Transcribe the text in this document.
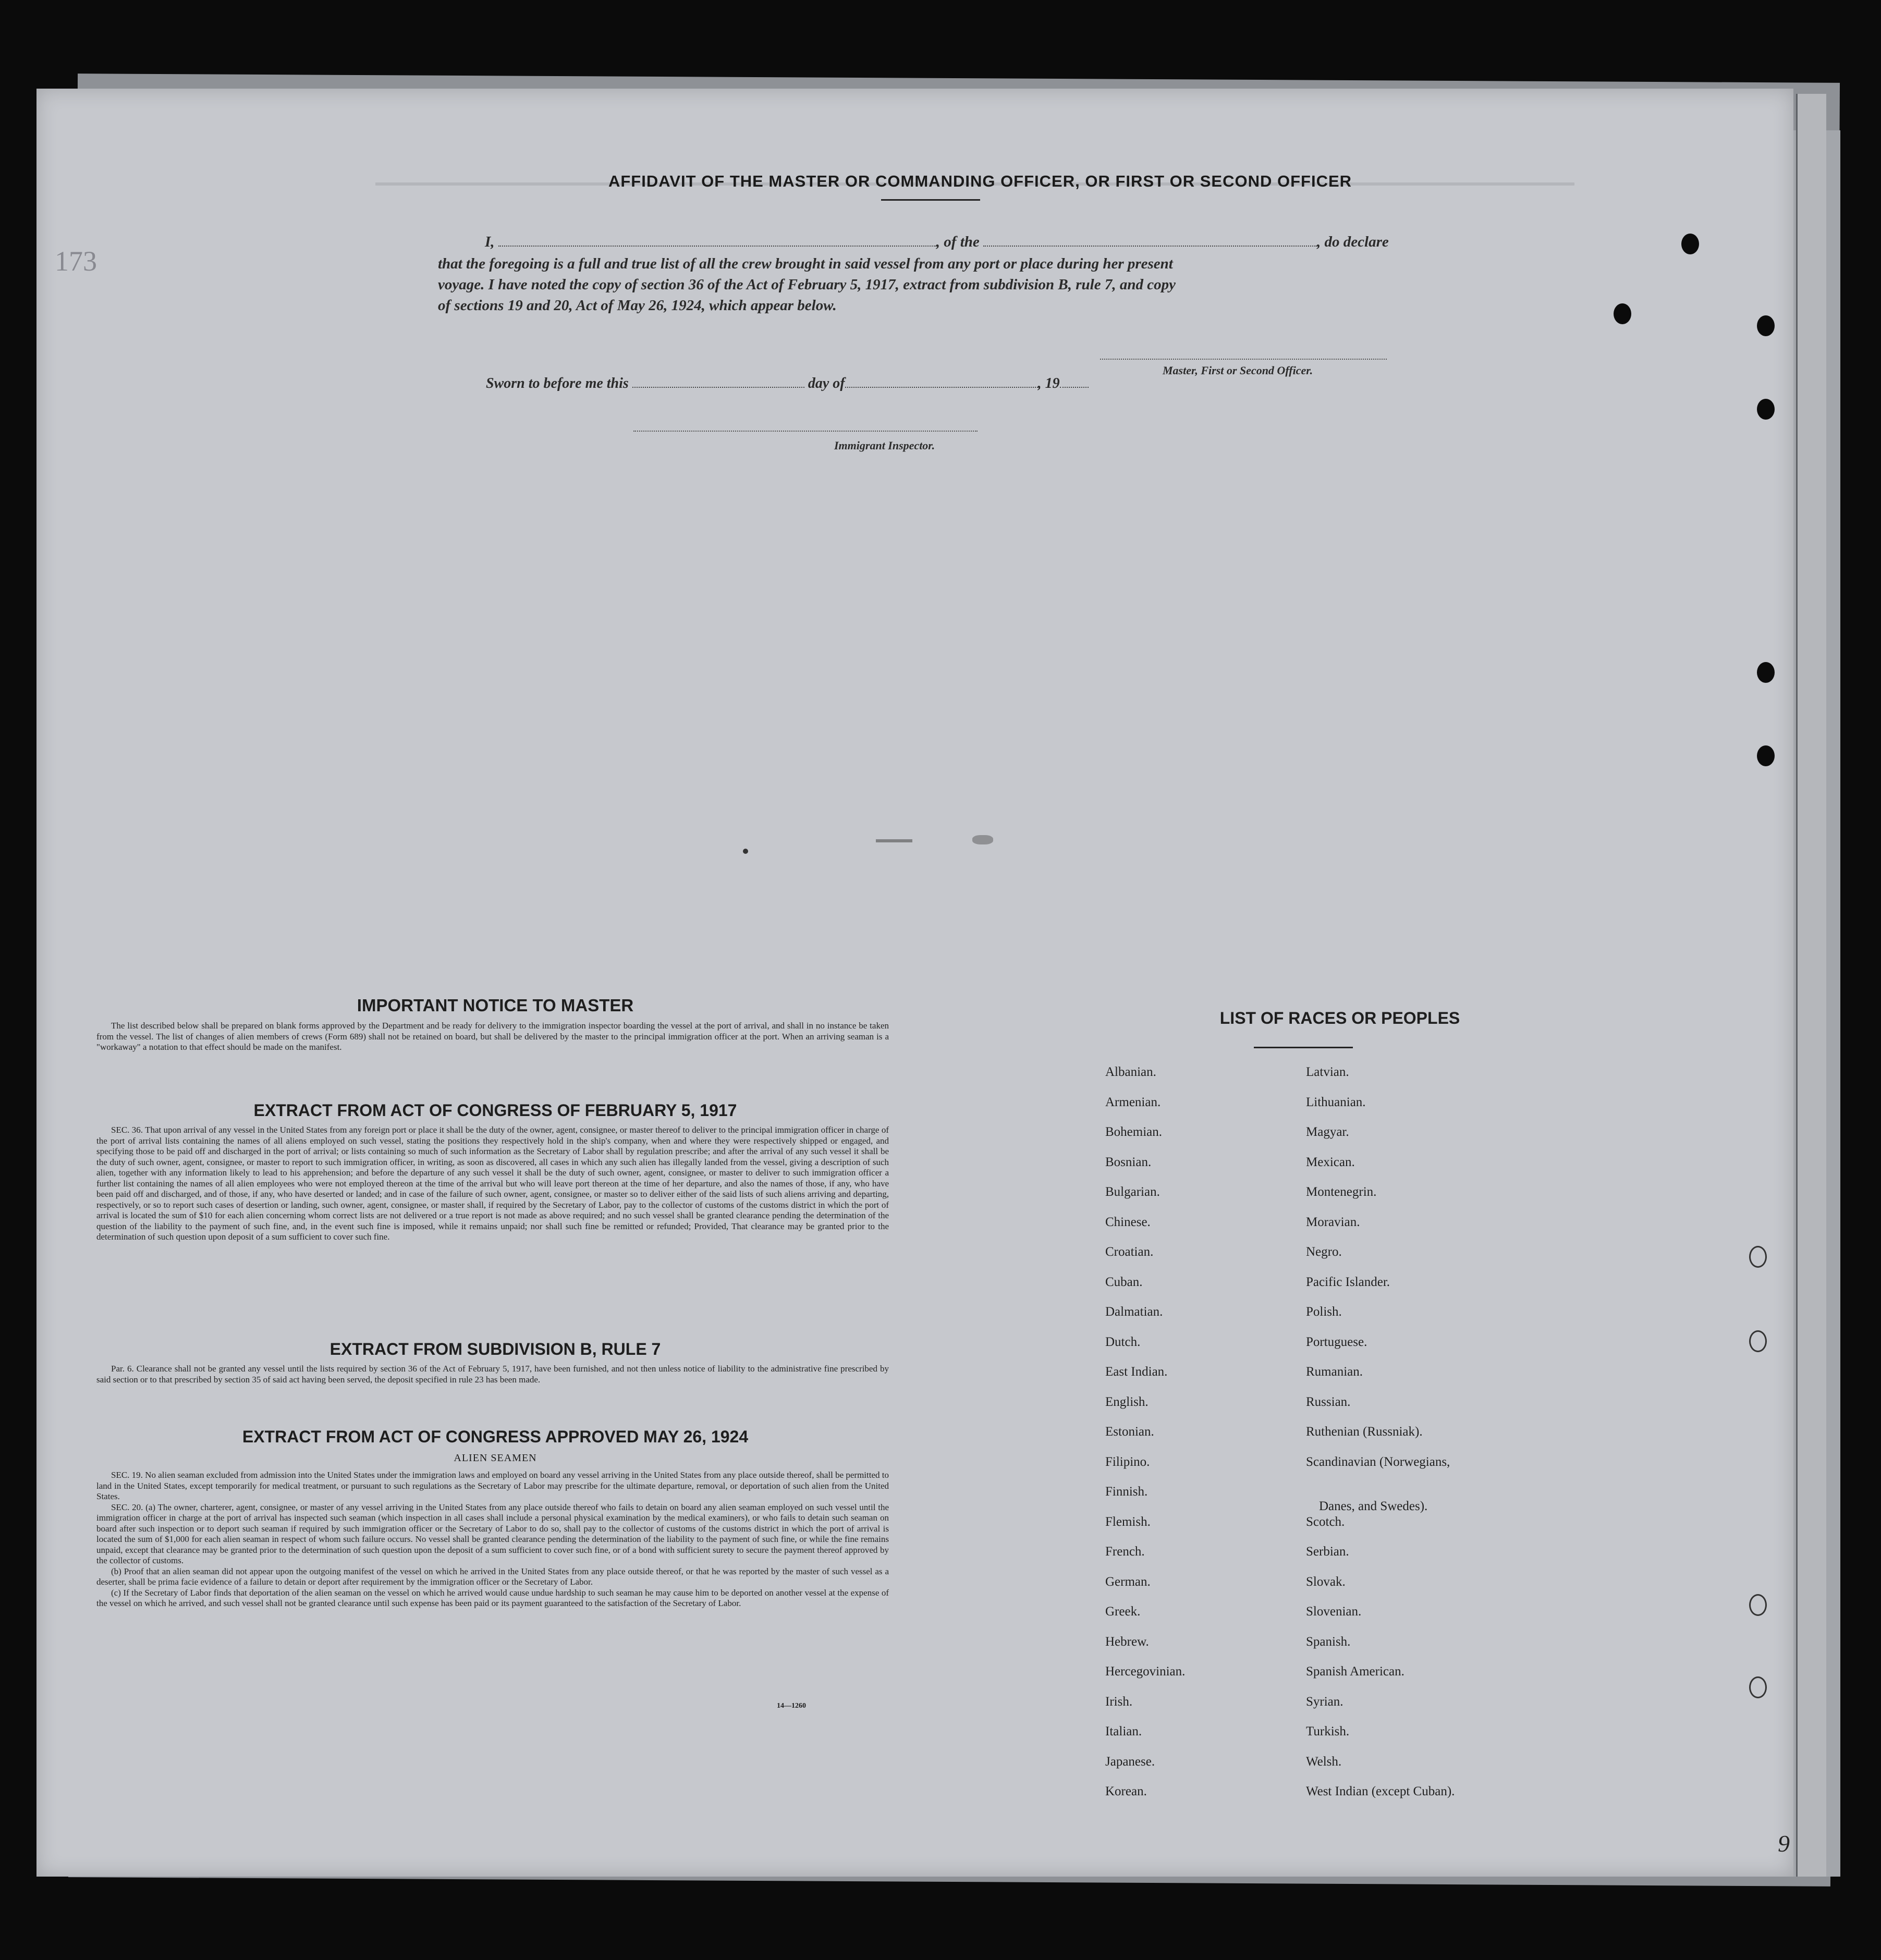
173
AFFIDAVIT OF THE MASTER OR COMMANDING OFFICER, OR FIRST OR SECOND OFFICER
I,	, of the	, do declare
that the foregoing is a full and true list of all the crew brought in said vessel from any port or place during her present
voyage. I have noted the copy of section 36 of the Act of February 5, 1917, extract from subdivision B, rule 7, and copy
of sections 19 and 20, Act of May 26, 1924, which appear below.
Master, First or Second Officer.
Sworn to before me this	day of	, 19
Immigrant Inspector.
IMPORTANT NOTICE TO MASTER

The list described below shall be prepared on blank forms approved by the Department and be ready for delivery to the immigration inspector boarding the vessel at the port of arrival, and shall in no instance be taken from the vessel. The list of changes of alien members of crews (Form 689) shall not be retained on board, but shall be delivered by the master to the principal immigration officer at the port. When an arriving seaman is a "workaway" a notation to that effect should be made on the manifest.

EXTRACT FROM ACT OF CONGRESS OF FEBRUARY 5, 1917

SEC. 36. That upon arrival of any vessel in the United States from any foreign port or place it shall be the duty of the owner, agent, consignee, or master thereof to deliver to the principal immigration officer in charge of the port of arrival lists containing the names of all aliens employed on such vessel, stating the positions they respectively hold in the ship's company, when and where they were respectively shipped or engaged, and specifying those to be paid off and discharged in the port of arrival; or lists containing so much of such information as the Secretary of Labor shall by regulation prescribe; and after the arrival of any such vessel it shall be the duty of such owner, agent, consignee, or master to report to such immigration officer, in writing, as soon as discovered, all cases in which any such alien has illegally landed from the vessel, giving a description of such alien, together with any information likely to lead to his apprehension; and before the departure of any such vessel it shall be the duty of such owner, agent, consignee, or master to deliver to such immigration officer a further list containing the names of all alien employees who were not employed thereon at the time of the arrival but who will leave port thereon at the time of her departure, and also the names of those, if any, who have been paid off and discharged, and of those, if any, who have deserted or landed; and in case of the failure of such owner, agent, consignee, or master so to deliver either of the said lists of such aliens arriving and departing, respectively, or so to report such cases of desertion or landing, such owner, agent, consignee, or master shall, if required by the Secretary of Labor, pay to the collector of customs of the customs district in which the port of arrival is located the sum of $10 for each alien concerning whom correct lists are not delivered or a true report is not made as above required; and no such vessel shall be granted clearance pending the determination of the question of the liability to the payment of such fine, and, in the event such fine is imposed, while it remains unpaid; nor shall such fine be remitted or refunded; Provided, That clearance may be granted prior to the determination of such question upon deposit of a sum sufficient to cover such fine.

EXTRACT FROM SUBDIVISION B, RULE 7

Par. 6. Clearance shall not be granted any vessel until the lists required by section 36 of the Act of February 5, 1917, have been furnished, and not then unless notice of liability to the administrative fine prescribed by said section or to that prescribed by section 35 of said act having been served, the deposit specified in rule 23 has been made.

EXTRACT FROM ACT OF CONGRESS APPROVED MAY 26, 1924
ALIEN SEAMEN

SEC. 19. No alien seaman excluded from admission into the United States under the immigration laws and employed on board any vessel arriving in the United States from any place outside thereof, shall be permitted to land in the United States, except temporarily for medical treatment, or pursuant to such regulations as the Secretary of Labor may prescribe for the ultimate departure, removal, or deportation of such alien from the United States.

SEC. 20. (a) The owner, charterer, agent, consignee, or master of any vessel arriving in the United States from any place outside thereof who fails to detain on board any alien seaman employed on such vessel until the immigration officer in charge at the port of arrival has inspected such seaman (which inspection in all cases shall include a personal physical examination by the medical examiners), or who fails to detain such seaman on board after such inspection or to deport such seaman if required by such immigration officer or the Secretary of Labor to do so, shall pay to the collector of customs of the customs district in which the port of arrival is located the sum of $1,000 for each alien seaman in respect of whom such failure occurs. No vessel shall be granted clearance pending the determination of the liability to the payment of such fine, or while the fine remains unpaid, except that clearance may be granted prior to the determination of such question upon the deposit of a sum sufficient to cover such fine, or of a bond with sufficient surety to secure the payment thereof approved by the collector of customs.

(b) Proof that an alien seaman did not appear upon the outgoing manifest of the vessel on which he arrived in the United States from any place outside thereof, or that he was reported by the master of such vessel as a deserter, shall be prima facie evidence of a failure to detain or deport after requirement by the immigration officer or the Secretary of Labor.

(c) If the Secretary of Labor finds that deportation of the alien seaman on the vessel on which he arrived would cause undue hardship to such seaman he may cause him to be deported on another vessel at the expense of the vessel on which he arrived, and such vessel shall not be granted clearance until such expense has been paid or its payment guaranteed to the satisfaction of the Secretary of Labor.

14—1260
LIST OF RACES OR PEOPLES
9
Albanian.
Armenian.
Bohemian.
Bosnian.
Bulgarian.
Chinese.
Croatian.
Cuban.
Dalmatian.
Dutch.
East Indian.
English.
Estonian.
Filipino.
Finnish.
Flemish.
French.
German.
Greek.
Hebrew.
Hercegovinian.
Irish.
Italian.
Japanese.
Korean.
Latvian.
Lithuanian.
Magyar.
Mexican.
Montenegrin.
Moravian.
Negro.
Pacific Islander.
Polish.
Portuguese.
Rumanian.
Russian.
Ruthenian (Russniak).
Scandinavian (Norwegians,
Danes, and Swedes).
Scotch.
Serbian.
Slovak.
Slovenian.
Spanish.
Spanish American.
Syrian.
Turkish.
Welsh.
West Indian (except Cuban).
